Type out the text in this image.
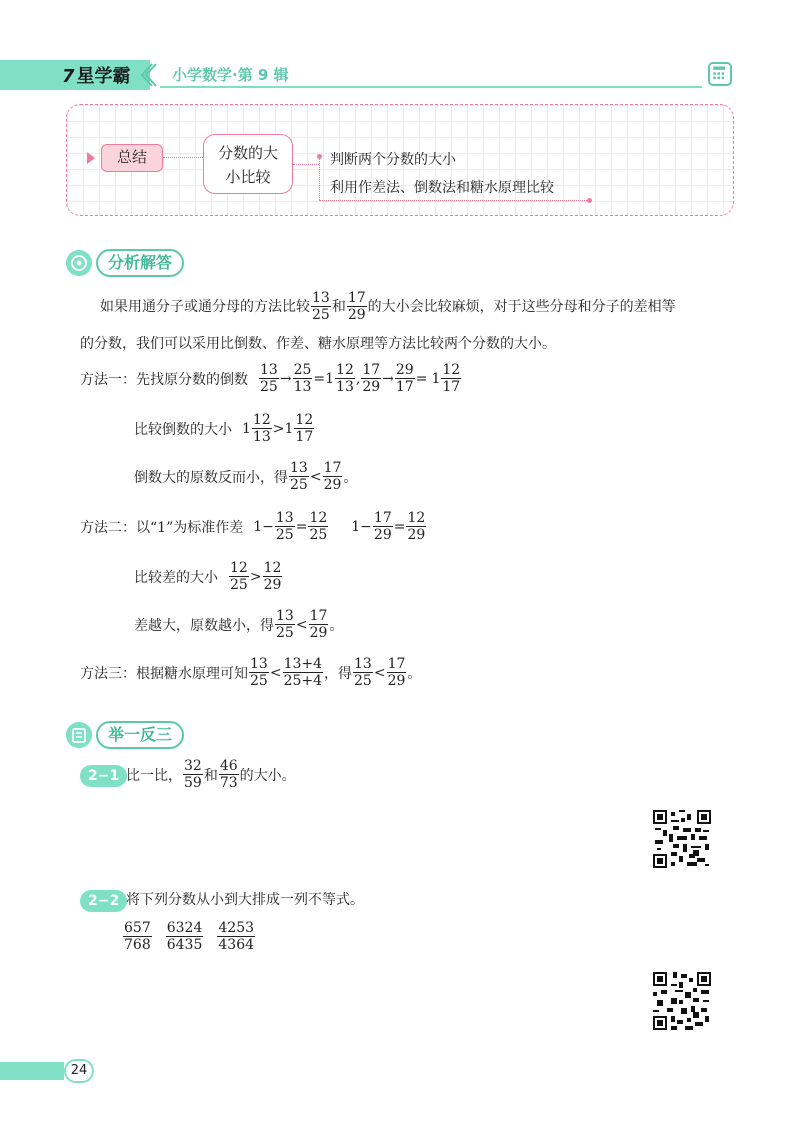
7 星学霸	小学数学·第 9 辑
总结	分数的大
小比较
判断两个分数的大小
利用作差法、倒数法和糖水原理比较
分析解答
如果用通分子或通分母的方法比较 $\frac{13}{25}$ 和 $\frac{17}{29}$ 的大小会比较麻烦，对于这些分母和分子的差相等
的分数，我们可以采用比倒数、作差、糖水原理等方法比较两个分数的大小。
方法一：先找原分数的倒数 $\frac{13}{25} \to \frac{25}{13} = 1 \frac{12}{13}$ , $\frac{17}{29} \to \frac{29}{17} = 1 \frac{12}{17}$
比较倒数的大小 $1 \frac{12}{13} > 1 \frac{12}{17}$
倒数大的原数反而小，得 $\frac{13}{25} < \frac{17}{29}$ 。
方法二：以“1”为标准作差 $1- \frac{13}{25} = \frac{12}{25} 1- \frac{17}{29} = \frac{12}{29}$
比较差的大小 $\frac{12}{25} > \frac{12}{29}$
差越大，原数越小，得 $\frac{13}{25} < \frac{17}{29}$ 。
方法三：根据糖水原理可知 $\frac{13}{25} < \frac{13+4}{25+4}$ ，得 $\frac{13}{25} < \frac{17}{29}$ 。
举一反三
2−1 比一比， $\frac{32}{59}$ 和 $\frac{46}{73}$ 的大小。
2−2 将下列分数从小到大排成一列不等式。
$\frac{657}{768} \frac{6324}{6435} \frac{4253}{4364}$
24
